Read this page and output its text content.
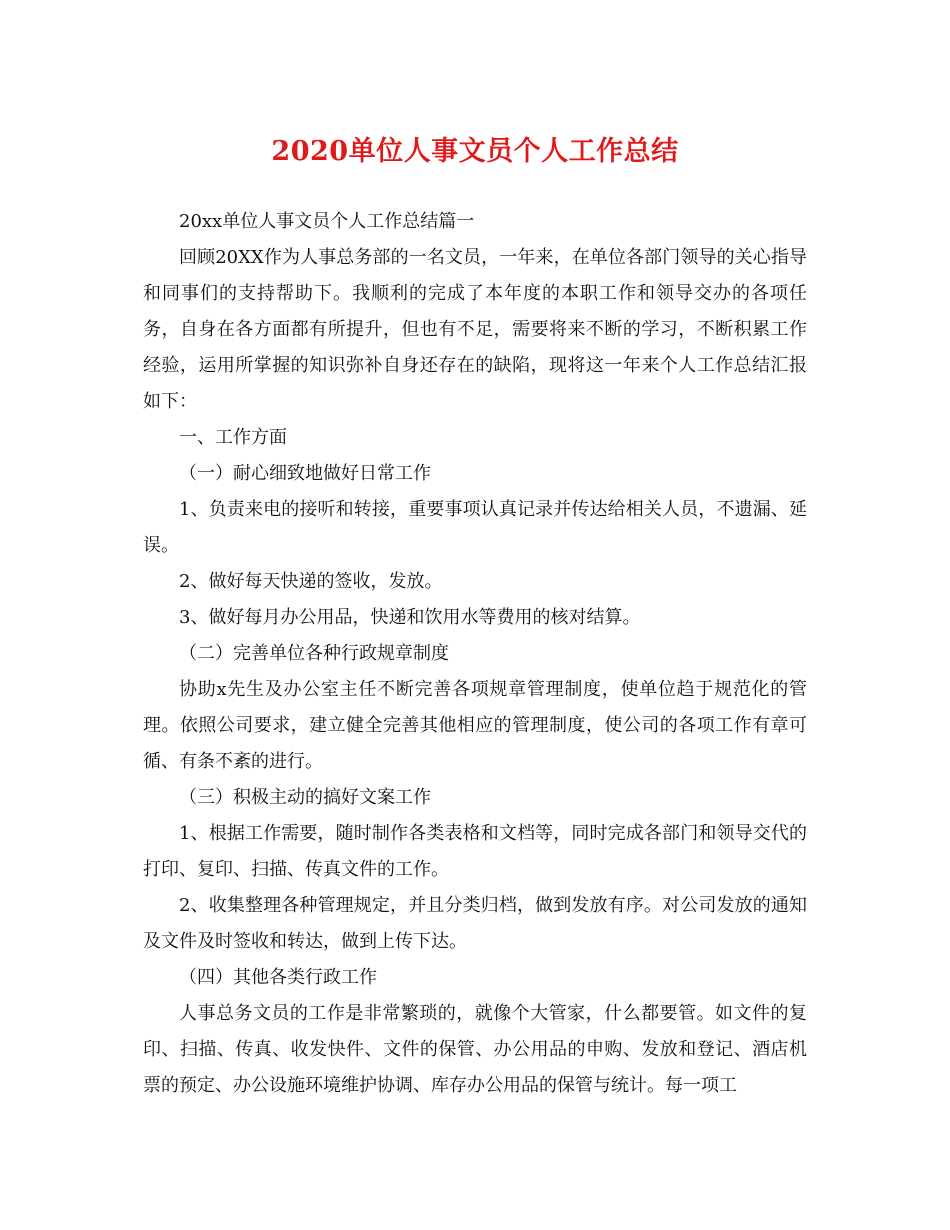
2020单位人事文员个人工作总结

20xx单位人事文员个人工作总结篇一

回顾20XX作为人事总务部的一名文员，一年来，在单位各部门领导的关心指导和同事们的支持帮助下。我顺利的完成了本年度的本职工作和领导交办的各项任务，自身在各方面都有所提升，但也有不足，需要将来不断的学习，不断积累工作经验，运用所掌握的知识弥补自身还存在的缺陷，现将这一年来个人工作总结汇报如下：

一、工作方面

（一）耐心细致地做好日常工作

1、负责来电的接听和转接，重要事项认真记录并传达给相关人员，不遗漏、延误。

2、做好每天快递的签收，发放。

3、做好每月办公用品，快递和饮用水等费用的核对结算。

（二）完善单位各种行政规章制度

协助x先生及办公室主任不断完善各项规章管理制度，使单位趋于规范化的管理。依照公司要求，建立健全完善其他相应的管理制度，使公司的各项工作有章可循、有条不紊的进行。

（三）积极主动的搞好文案工作

1、根据工作需要，随时制作各类表格和文档等，同时完成各部门和领导交代的打印、复印、扫描、传真文件的工作。

2、收集整理各种管理规定，并且分类归档，做到发放有序。对公司发放的通知及文件及时签收和转达，做到上传下达。

（四）其他各类行政工作

人事总务文员的工作是非常繁琐的，就像个大管家，什么都要管。如文件的复印、扫描、传真、收发快件、文件的保管、办公用品的申购、发放和登记、酒店机票的预定、办公设施环境维护协调、库存办公用品的保管与统计。每一项工
